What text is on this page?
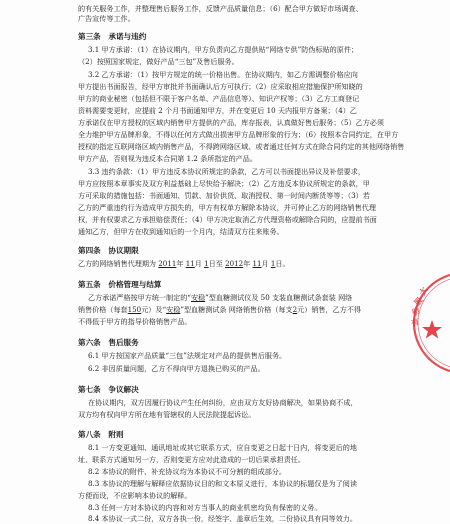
的有关服务工作，并整理售后服务工作，反馈产品质量信息；（6）配合甲方做好市场调查、
广告宣传等工作。
第三条　承诺与违约
3.1 甲方承诺：（1）在协议期内，甲方负责向乙方提供贴“网络专供”防伪标贴的原件；
（2）按照国家规定，做好产品“三包”及售后服务。
3.2 乙方承诺：（1）按甲方规定的统一价格出售。在协议期内，如乙方需调整价格应向
甲方提出书面报告，经甲方审批并书面确认后方可执行；（2）应采取相应措施保护所知晓的
甲方的商业秘密（包括但不限于客户名单、产品信息等）、知识产权等；（3）乙方工商登记
资料需要变更时，应提前 2 个月书面通知甲方，并在变更后 10 天内报甲方备案；（4）乙
方承诺仅在甲方授权的区域内销售甲方提供的产品，库存报表，认真做好售后服务；（5）乙方必须
全力维护甲方品牌形象，不得以任何方式做出损害甲方品牌形象的行为；（6）按照本合同约定，在甲方
授权的指定互联网络区域内销售产品，不得跨网络区域、或者通过任何方式在除合同约定的其他网络销售
甲方产品，否则视为违反本合同第 1.2 条所指定的产品。
3.3 违约条款：（1）甲方违反本协议所规定的条款，乙方可以书面提出异议及补偿要求，
甲方应按照本章事实及双方利益基础上尽快给予解决；（2）乙方违反本协议所规定的条款，甲
方可采取的措施包括：书面通知、罚款、加价供货、取消授权、第一时间内断货等等；（3）若
乙方的严重违约行为造成甲方损失的，甲方有权单方解除本协议，并可停止乙方的网络销售代理
权，并有权要求乙方承担赔偿责任；（4）甲方决定取消乙方代理资格或解除合同的，应提前书面
通知乙方，但甲方在收到通知后的一个月内，结清双方往来账务。
第四条　协议期限
乙方的网络销售代理期为 2011年 11月 1日至 2012年 11月 1日。
第五条　价格管理与结算
乙方承诺严格按甲方统一制定的“安稳”型血糖测试仪及 50 支装血糖测试条套装 网络
销售价格（每套150元）及“安稳”型血糖测试条 网络销售价格（每支2元）销售，乙方不得
不得低于甲方的指导价格销售产品。
第六条　售后服务
6.1 甲方按国家产品质量“三包”法规定对产品的提供售后服务。
6.2 非因质量问题，乙方不得向甲方退换已购买的产品。
第七条　争议解决
在协议期内，双方因履行协议产生任何纠纷，应由双方友好协商解决，如果协商不成，
双方均有权向甲方所在地有管辖权的人民法院提起诉讼。
第八条　附则
8.1 一方变更通知、通讯地址或其它联系方式，应自变更之日起十日内，将变更后的地
址、联系方式通知另一方，否则变更方应对此造成的一切后果承担责任。
8.2 本协议的附件、补充协议均为本协议不可分割的组成部分。
8.3 本协议的理解与解释应依据协议目的和文本原义进行，本协议的标题仅是为了阅读
方便而设，不应影响本协议的解释。
8.3 任何一方对本协议的内容和对方当事人的商业机密均负有保密的义务。
8.4 本协议一式二份，双方各执一份，经签字、盖章后生效，二份协议具有同等效力。
大
股
份
有
